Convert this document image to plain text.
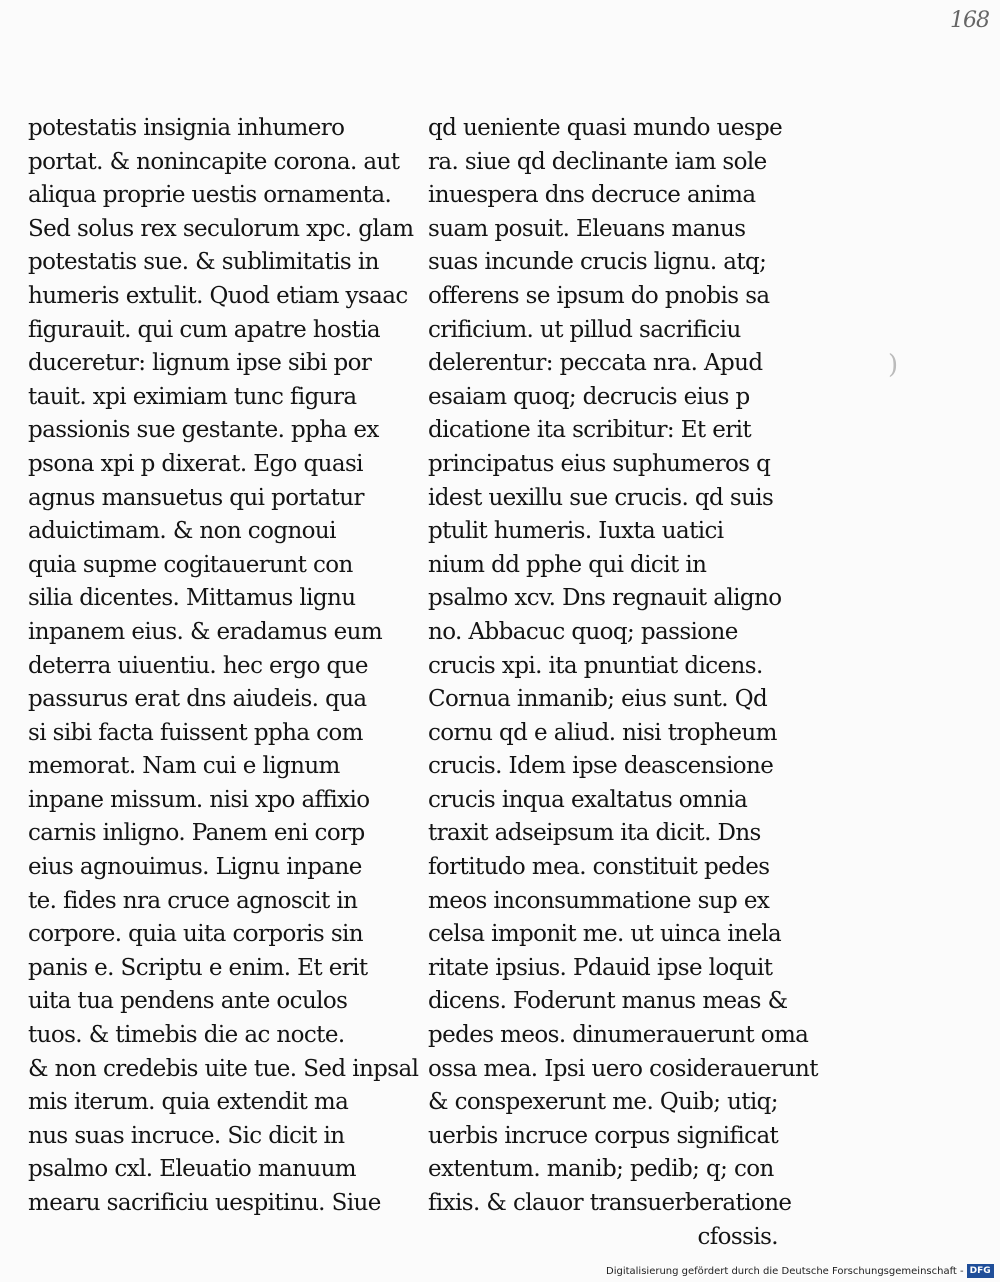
168
potestatis insignia inhumero
portat. & nonincapite corona. aut
aliqua proprie uestis ornamenta.
Sed solus rex seculorum xpc. glam
potestatis sue. & sublimitatis in
humeris extulit. Quod etiam ysaac
figurauit. qui cum apatre hostia
duceretur: lignum ipse sibi por
tauit. xpi eximiam tunc figura
passionis sue gestante. ppha ex
psona xpi p dixerat. Ego quasi
agnus mansuetus qui portatur
aduictimam. & non cognoui
quia supme cogitauerunt con
silia dicentes. Mittamus lignu
inpanem eius. & eradamus eum
deterra uiuentiu. hec ergo que
passurus erat dns aiudeis. qua
si sibi facta fuissent ppha com
memorat. Nam cui e lignum
inpane missum. nisi xpo affixio
carnis inligno. Panem eni corp
eius agnouimus. Lignu inpane
te. fides nra cruce agnoscit in
corpore. quia uita corporis sin
panis e. Scriptu e enim. Et erit
uita tua pendens ante oculos
tuos. & timebis die ac nocte.
& non credebis uite tue. Sed inpsal
mis iterum. quia extendit ma
nus suas incruce. Sic dicit in
psalmo cxl. Eleuatio manuum
mearu sacrificiu uespitinu. Siue
qd ueniente quasi mundo uespe
ra. siue qd declinante iam sole
inuespera dns decruce anima
suam posuit. Eleuans manus
suas incunde crucis lignu. atq;
offerens se ipsum do pnobis sa
crificium. ut pillud sacrificiu
delerentur: peccata nra. Apud
esaiam quoq; decrucis eius p
dicatione ita scribitur: Et erit
principatus eius suphumeros q
idest uexillu sue crucis. qd suis
ptulit humeris. Iuxta uatici
nium dd pphe qui dicit in
psalmo xcv. Dns regnauit aligno
no. Abbacuc quoq; passione
crucis xpi. ita pnuntiat dicens.
Cornua inmanib; eius sunt. Qd
cornu qd e aliud. nisi tropheum
crucis. Idem ipse deascensione
crucis inqua exaltatus omnia
traxit adseipsum ita dicit. Dns
fortitudo mea. constituit pedes
meos inconsummatione sup ex
celsa imponit me. ut uinca inela
ritate ipsius. Pdauid ipse loquit
dicens. Foderunt manus meas &
pedes meos. dinumerauerunt oma
ossa mea. Ipsi uero cosiderauerunt
& conspexerunt me. Quib; utiq;
uerbis incruce corpus significat
extentum. manib; pedib; q; con
fixis. & clauor transuerberatione
cfossis.
)
Digitalisierung gefördert durch die Deutsche Forschungsgemeinschaft - DFG
